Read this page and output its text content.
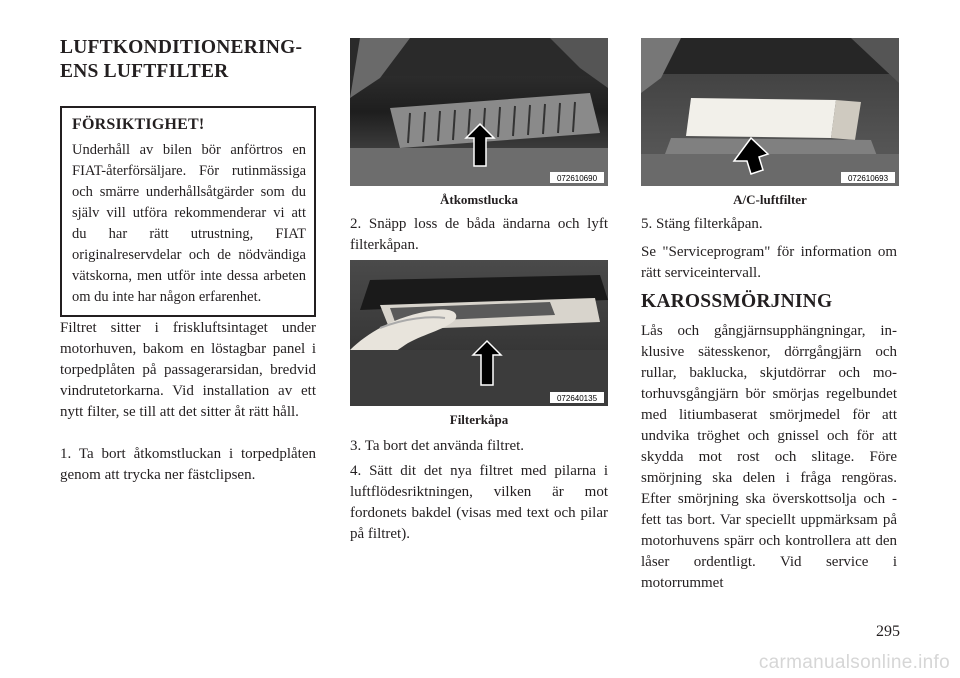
LUFTKONDITIONERING-
ENS LUFTFILTER
FÖRSIKTIGHET!

Underhåll av bilen bör anförtros en FIAT-återförsäljare. För rutinmässiga och smärre underhållsåtgärder som du själv vill utföra rekommenderar vi att du har rätt utrustning, FIAT originalreservdelar och de nödvändiga vätskorna, men utför inte dessa arbeten om du inte har någon erfarenhet.

Filtret sitter i friskluftsintaget under motorhuven, bakom en löstagbar panel i torpedplåten på passagerarsidan, bredvid vindrutetorkarna. Vid installation av ett nytt filter, se till att det sitter åt rätt håll.

1. Ta bort åtkomstluckan i torpedplåten genom att trycka ner fästclipsen.

072610690
Åtkomstlucka

2. Snäpp loss de båda ändarna och lyft filterkåpan.

072640135
Filterkåpa

3. Ta bort det använda filtret.

4. Sätt dit det nya filtret med pilarna i luftflödesriktningen, vilken är mot fordonets bakdel (visas med text och pilar på filtret).

072610693
A/C-luftfilter

5. Stäng filterkåpan.

Se "Serviceprogram" för information om rätt serviceintervall.

KAROSSMÖRJNING

Lås och gångjärnsupphängningar, inklusive sätesskenor, dörrgångjärn och rullar, baklucka, skjutdörrar och motorhuvsgångjärn bör smörjas regelbundet med litiumbaserat smörjmedel för att undvika tröghet och gnissel och för att skydda mot rost och slitage. Före smörjning ska delen i fråga rengöras. Efter smörjning ska överskottsolja och -fett tas bort. Var speciellt uppmärksam på motorhuvens spärr och kontrollera att den låser ordentligt. Vid service i motorrummet

295
carmanualsonline.info
